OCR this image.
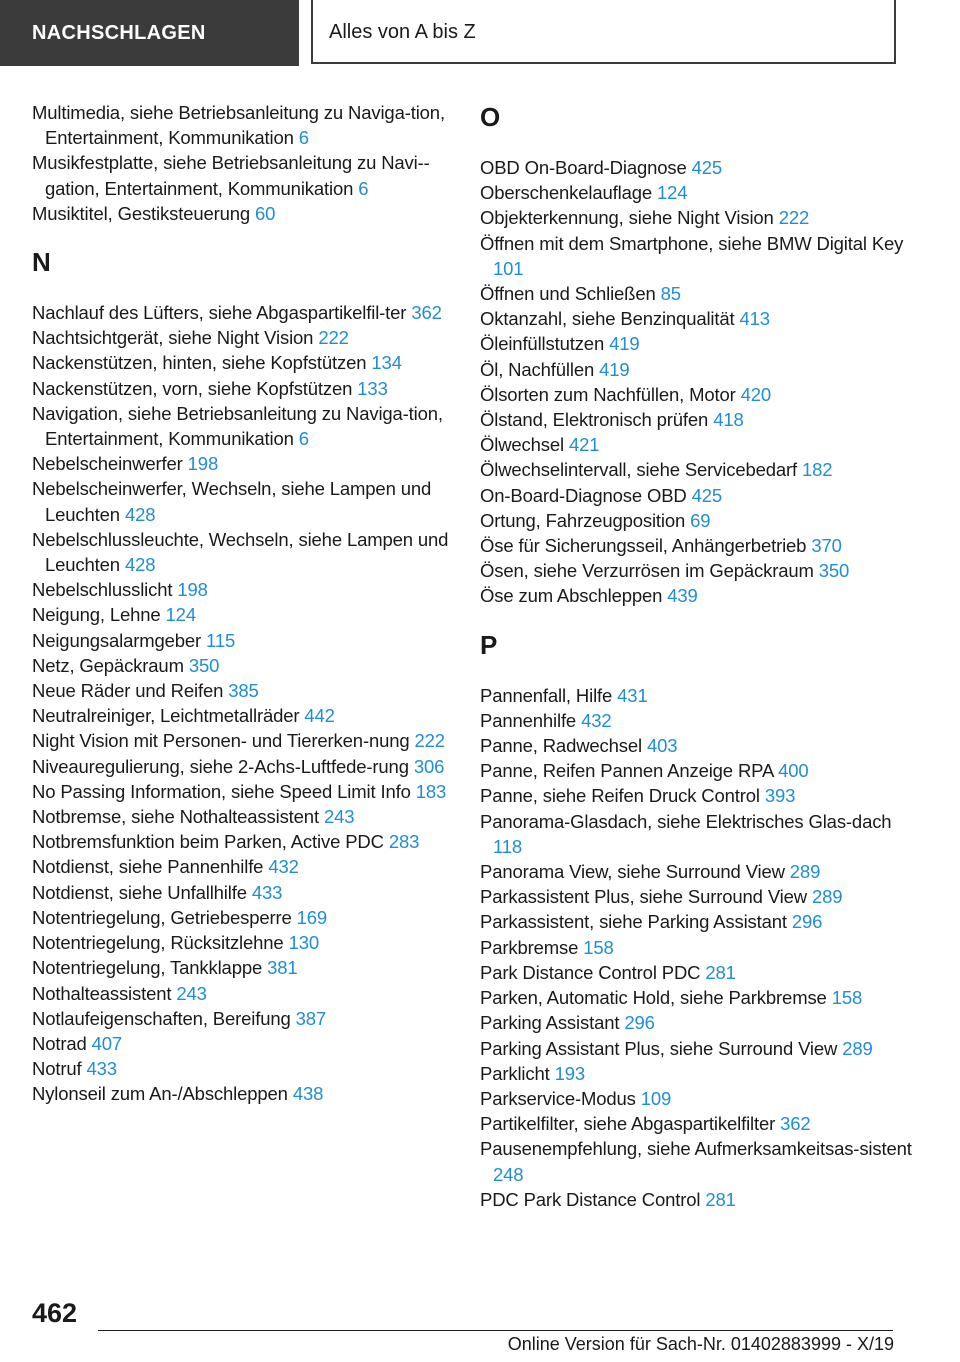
NACHSCHLAGEN	Alles von A bis Z
Multimedia, siehe Betriebsanleitung zu Naviga-tion, Entertainment, Kommunikation 6
Musikfestplatte, siehe Betriebsanleitung zu Navi-gation, Entertainment, Kommunikation 6
Musiktitel, Gestiksteuerung 60
N
Nachlauf des Lüfters, siehe Abgaspartikelfil-ter 362
Nachtsichtgerät, siehe Night Vision 222
Nackenstützen, hinten, siehe Kopfstützen 134
Nackenstützen, vorn, siehe Kopfstützen 133
Navigation, siehe Betriebsanleitung zu Naviga-tion, Entertainment, Kommunikation 6
Nebelscheinwerfer 198
Nebelscheinwerfer, Wechseln, siehe Lampen und Leuchten 428
Nebelschlussleuchte, Wechseln, siehe Lampen und Leuchten 428
Nebelschlusslicht 198
Neigung, Lehne 124
Neigungsalarmgeber 115
Netz, Gepäckraum 350
Neue Räder und Reifen 385
Neutralreiniger, Leichtmetallräder 442
Night Vision mit Personen- und Tiererken-nung 222
Niveauregulierung, siehe 2-Achs-Luftfede-rung 306
No Passing Information, siehe Speed Limit Info 183
Notbremse, siehe Nothalteassistent 243
Notbremsfunktion beim Parken, Active PDC 283
Notdienst, siehe Pannenhilfe 432
Notdienst, siehe Unfallhilfe 433
Notentriegelung, Getriebesperre 169
Notentriegelung, Rücksitzlehne 130
Notentriegelung, Tankklappe 381
Nothalteassistent 243
Notlaufeigenschaften, Bereifung 387
Notrad 407
Notruf 433
Nylonseil zum An-/Abschleppen 438
O
OBD On-Board-Diagnose 425
Oberschenkelauflage 124
Objekterkennung, siehe Night Vision 222
Öffnen mit dem Smartphone, siehe BMW Digital Key 101
Öffnen und Schließen 85
Oktanzahl, siehe Benzinqualität 413
Öleinfüllstutzen 419
Öl, Nachfüllen 419
Ölsorten zum Nachfüllen, Motor 420
Ölstand, Elektronisch prüfen 418
Ölwechsel 421
Ölwechselintervall, siehe Servicebedarf 182
On-Board-Diagnose OBD 425
Ortung, Fahrzeugposition 69
Öse für Sicherungsseil, Anhängerbetrieb 370
Ösen, siehe Verzurrösen im Gepäckraum 350
Öse zum Abschleppen 439
P
Pannenfall, Hilfe 431
Pannenhilfe 432
Panne, Radwechsel 403
Panne, Reifen Pannen Anzeige RPA 400
Panne, siehe Reifen Druck Control 393
Panorama-Glasdach, siehe Elektrisches Glas-dach 118
Panorama View, siehe Surround View 289
Parkassistent Plus, siehe Surround View 289
Parkassistent, siehe Parking Assistant 296
Parkbremse 158
Park Distance Control PDC 281
Parken, Automatic Hold, siehe Parkbremse 158
Parking Assistant 296
Parking Assistant Plus, siehe Surround View 289
Parklicht 193
Parkservice-Modus 109
Partikelfilter, siehe Abgaspartikelfilter 362
Pausenempfehlung, siehe Aufmerksamkeitsas-sistent 248
PDC Park Distance Control 281
462
Online Version für Sach-Nr. 01402883999 - X/19
